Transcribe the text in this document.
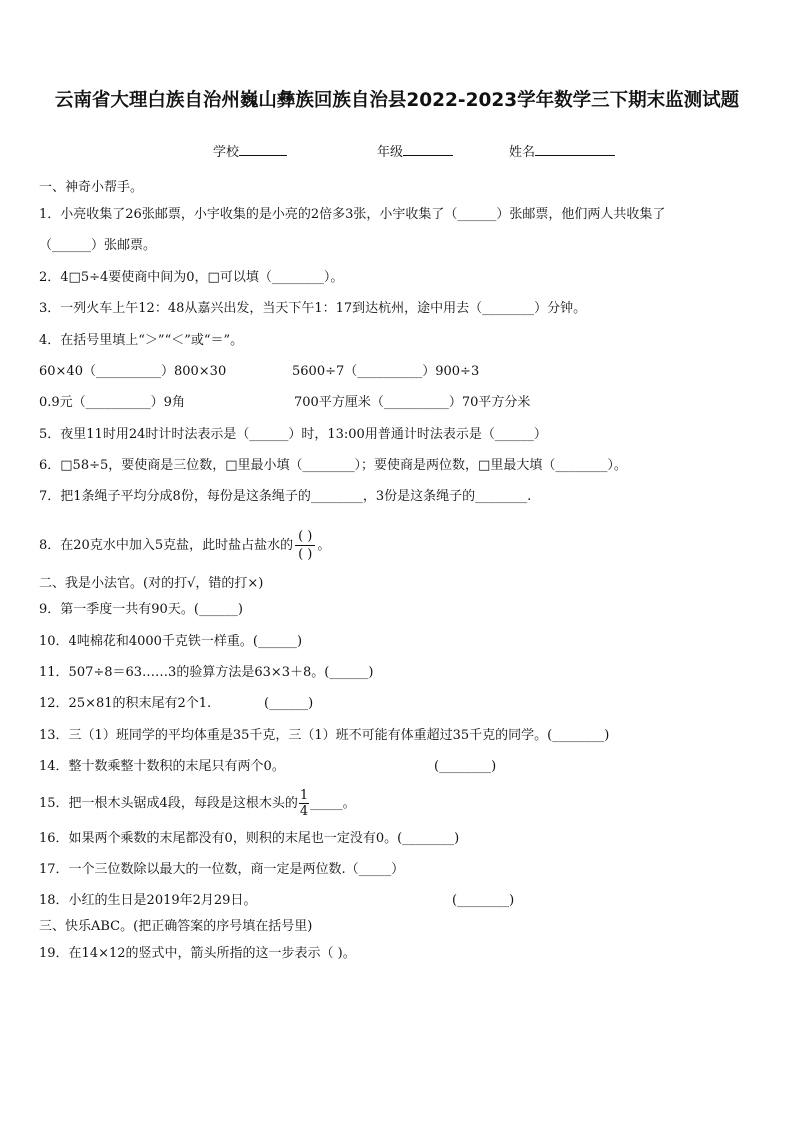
云南省大理白族自治州巍山彝族回族自治县2022-2023学年数学三下期末监测试题
学校	年级	姓名
一、神奇小帮手。
1．小亮收集了26张邮票，小宇收集的是小亮的2倍多3张，小宇收集了（______）张邮票，他们两人共收集了
（______）张邮票。
2．4□5÷4要使商中间为0，□可以填（________）。
3．一列火车上午12：48从嘉兴出发，当天下午1：17到达杭州，途中用去（________）分钟。
4．在括号里填上“＞”“＜”或“＝”。
60×40（__________）800×30	5600÷7（__________）900÷3
0.9元（__________）9角	700平方厘米（__________）70平方分米
5．夜里11时用24时计时法表示是（______）时，13:00用普通计时法表示是（______）
6．□58÷5，要使商是三位数，□里最小填（________）；要使商是两位数，□里最大填（________）。
7．把1条绳子平均分成8份，每份是这条绳子的________，3份是这条绳子的________.
8．在20克水中加入5克盐，此时盐占盐水的 $\frac{( )}{( )}$ 。
二、我是小法官。(对的打√，错的打×)
9．第一季度一共有90天。(______)
10．4吨棉花和4000千克铁一样重。(______)
11．507÷8＝63……3的验算方法是63×3＋8。(______)
12．25×81的积末尾有2个1.	(______)
13．三（1）班同学的平均体重是35千克，三（1）班不可能有体重超过35千克的同学。(________)
14．整十数乘整十数积的末尾只有两个0。	(________)
15．把一根木头锯成4段，每段是这根木头的 $\frac{1}{4}$ _____。
16．如果两个乘数的末尾都没有0，则积的末尾也一定没有0。(________)
17．一个三位数除以最大的一位数，商一定是两位数.（_____）
18．小红的生日是2019年2月29日。	(________)
三、快乐ABC。(把正确答案的序号填在括号里)
19．在14×12的竖式中，箭头所指的这一步表示（ )。
